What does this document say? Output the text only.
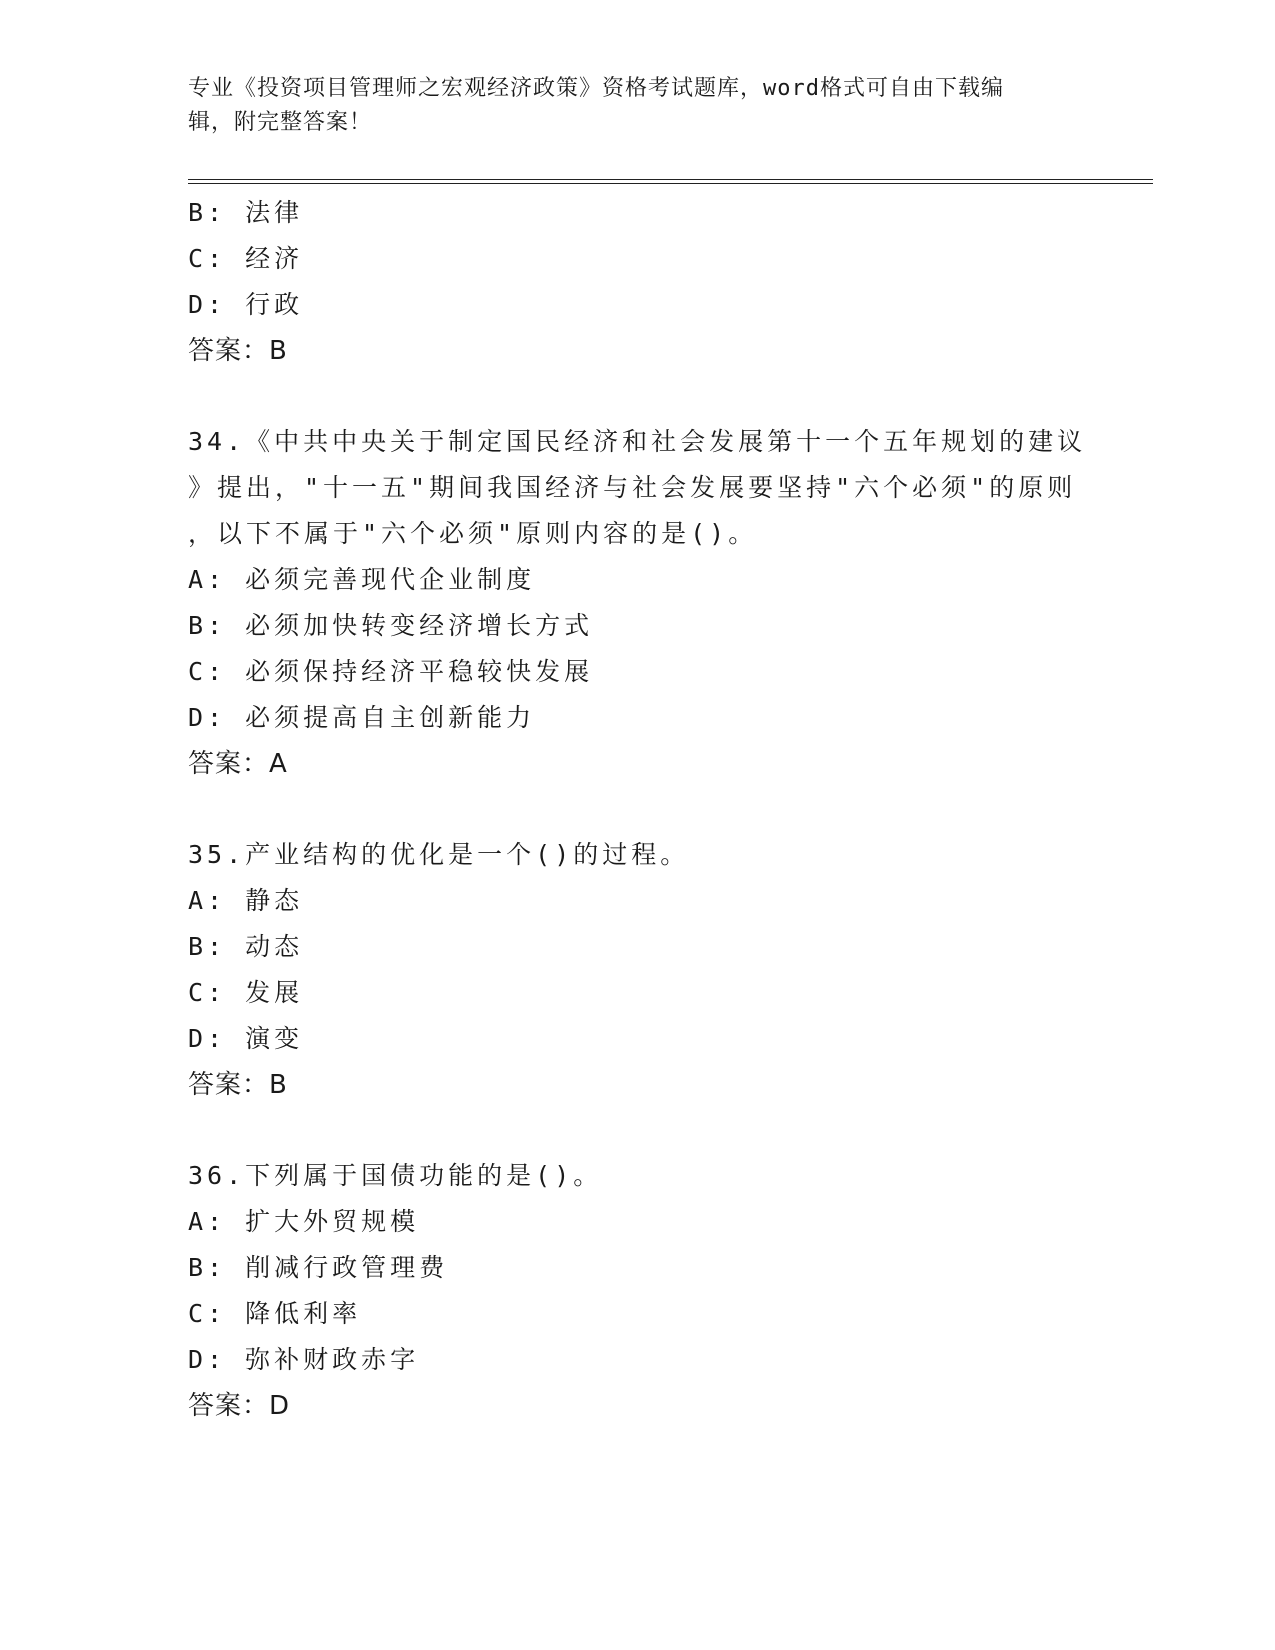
专业《投资项目管理师之宏观经济政策》资格考试题库，word格式可自由下载编
辑，附完整答案！
B: 法律
C: 经济
D: 行政
答案：B
34.《中共中央关于制定国民经济和社会发展第十一个五年规划的建议
》提出，"十一五"期间我国经济与社会发展要坚持"六个必须"的原则
，以下不属于"六个必须"原则内容的是()。
A: 必须完善现代企业制度
B: 必须加快转变经济增长方式
C: 必须保持经济平稳较快发展
D: 必须提高自主创新能力
答案：A
35.产业结构的优化是一个()的过程。
A: 静态
B: 动态
C: 发展
D: 演变
答案：B
36.下列属于国债功能的是()。
A: 扩大外贸规模
B: 削减行政管理费
C: 降低利率
D: 弥补财政赤字
答案：D
